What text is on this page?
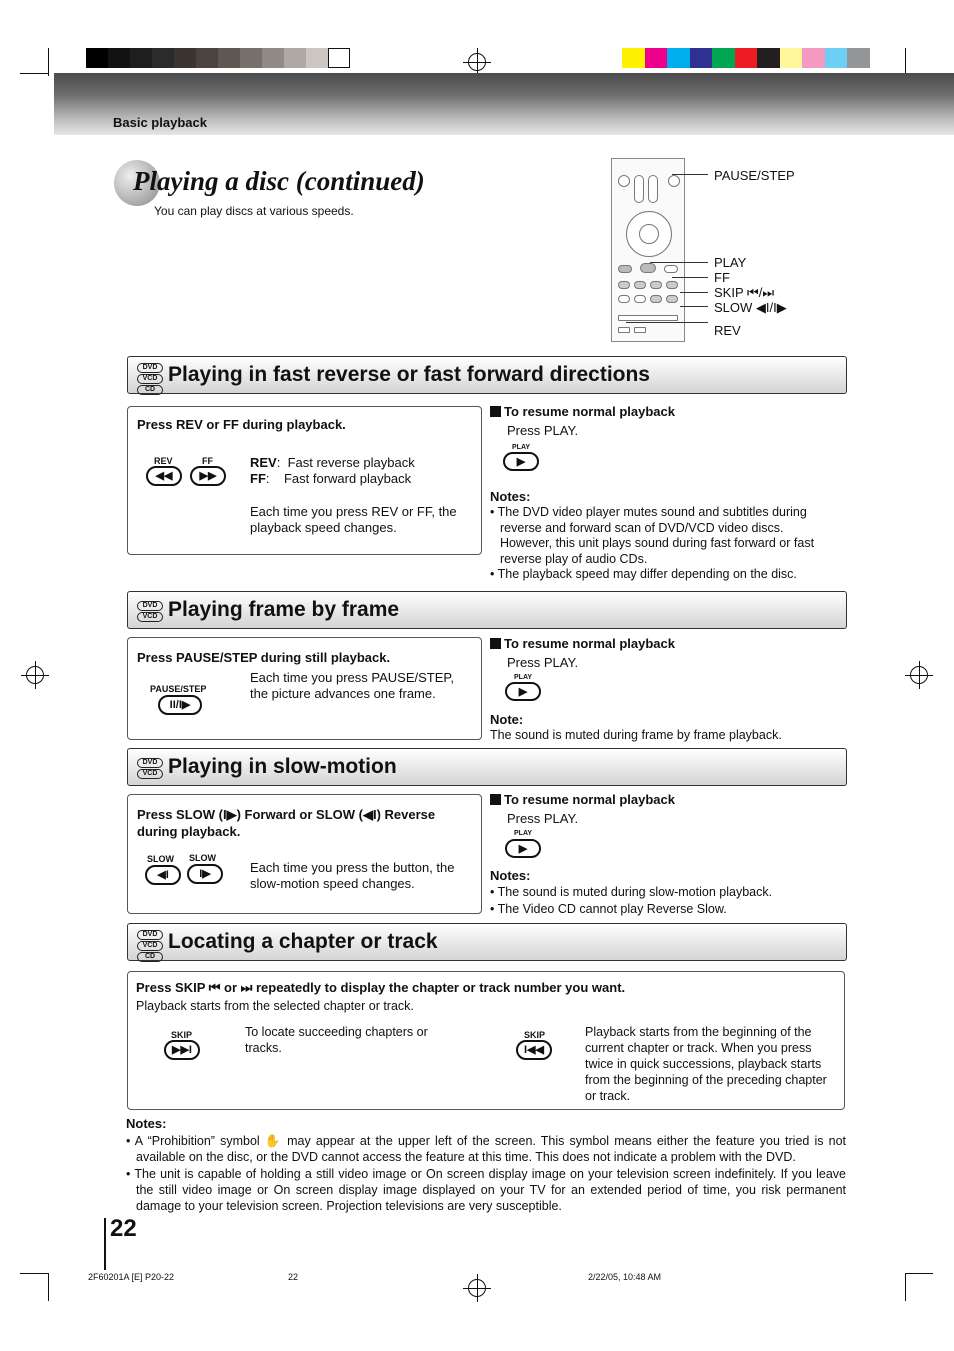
Basic playback
Playing a disc (continued)
You can play discs at various speeds.
PAUSE/STEP
PLAY
FF
SKIP ⏮/⏭
SLOW ◀I/I▶
REV
DVD
VCD
CD
Playing in fast reverse or fast forward directions
Press REV or FF during playback.
REV
◀◀
FF
▶▶
REV:  Fast reverse playback
FF:    Fast forward playback
Each time you press REV or FF, the playback speed changes.
To resume normal playback
Press PLAY.
PLAY
▶
Notes:
• The DVD video player mutes sound and subtitles during reverse and forward scan of DVD/VCD video discs. However, this unit plays sound during fast forward or fast reverse play of audio CDs.
• The playback speed may differ depending on the disc.
DVD
VCD Playing frame by frame
Press PAUSE/STEP during still playback.
PAUSE/STEP
II/I▶
Each time you press PAUSE/STEP, the picture advances one frame.
To resume normal playback
Press PLAY.
PLAY
▶
Note:
The sound is muted during frame by frame playback.
DVD
VCD Playing in slow-motion
Press SLOW (I▶) Forward or SLOW (◀I) Reverse during playback.
SLOW
◀I
SLOW
I▶	Each time you press the button, the slow-motion speed changes.
To resume normal playback
Press PLAY.
PLAY
▶
Notes:
• The sound is muted during slow-motion playback.
• The Video CD cannot play Reverse Slow.
DVD
VCD
CD
Locating a chapter or track
Press SKIP ⏮ or ⏭ repeatedly to display the chapter or track number you want.
Playback starts from the selected chapter or track.
SKIP
▶▶I
To locate succeeding chapters or tracks.
SKIP
I◀◀
Playback starts from the beginning of the current chapter or track. When you press twice in quick successions, playback starts from the beginning of the preceding chapter or track.
Notes:
• A “Prohibition” symbol ✋ may appear at the upper left of the screen. This symbol means either the feature you tried is not available on the disc, or the DVD cannot access the feature at this time. This does not indicate a problem with the DVD.
• The unit is capable of holding a still video image or On screen display image on your television screen indefinitely. If you leave the still video image or On screen display image displayed on your TV for an extended period of time, you risk permanent damage to your television screen. Projection televisions are very susceptible.
22
2F60201A [E] P20-22	22	2/22/05, 10:48 AM
